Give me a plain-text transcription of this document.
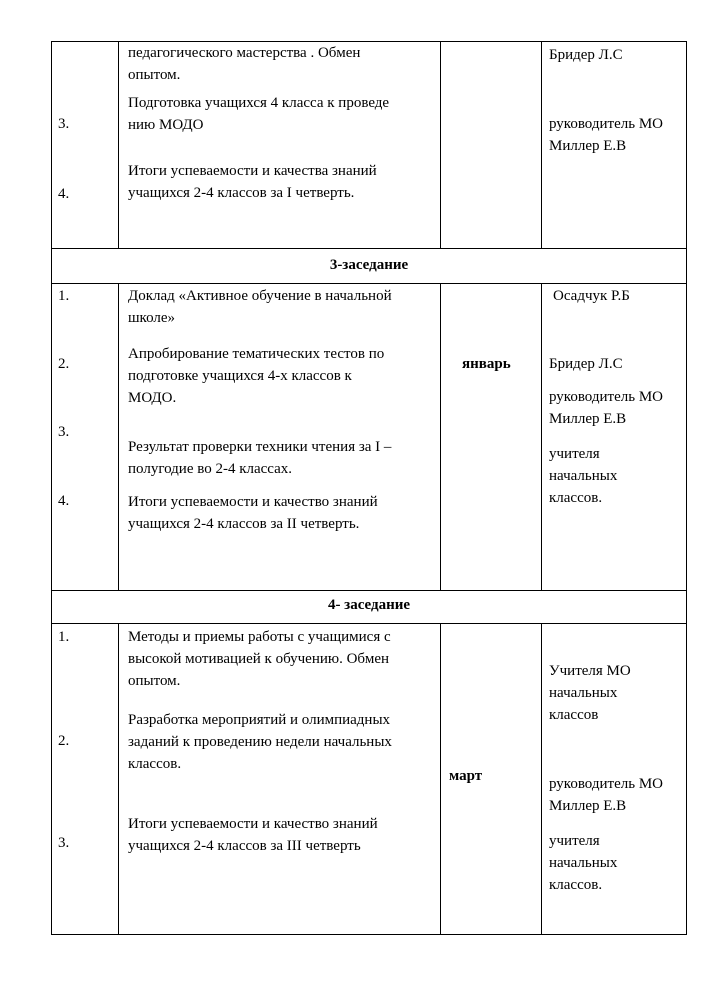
3.
4.
педагогического мастерства . Обмен
опытом.
Подготовка учащихся 4 класса к проведе
нию МОДО
Итоги успеваемости и качества знаний
учащихся 2-4 классов за I четверть.
Бридер Л.С
руководитель МО
Миллер Е.В
3-заседание
1.
2.
3.
4.
Доклад «Активное обучение в начальной
школе»
Апробирование тематических тестов по
подготовке учащихся 4-х классов к
МОДО.
Результат проверки техники чтения за I –
полугодие во 2-4 классах.
Итоги успеваемости и качество знаний
учащихся 2-4 классов за II четверть.
январь
Осадчук Р.Б
Бридер Л.С
руководитель МО
Миллер Е.В
учителя
начальных
классов.
4- заседание
1.
2.
3.
Методы и приемы работы с учащимися с
высокой мотивацией к обучению. Обмен
опытом.
Разработка мероприятий и олимпиадных
заданий к проведению недели начальных
классов.
Итоги успеваемости и качество знаний
учащихся 2-4 классов за III четверть
март
Учителя МО
начальных
классов
руководитель МО
Миллер Е.В
учителя
начальных
классов.
